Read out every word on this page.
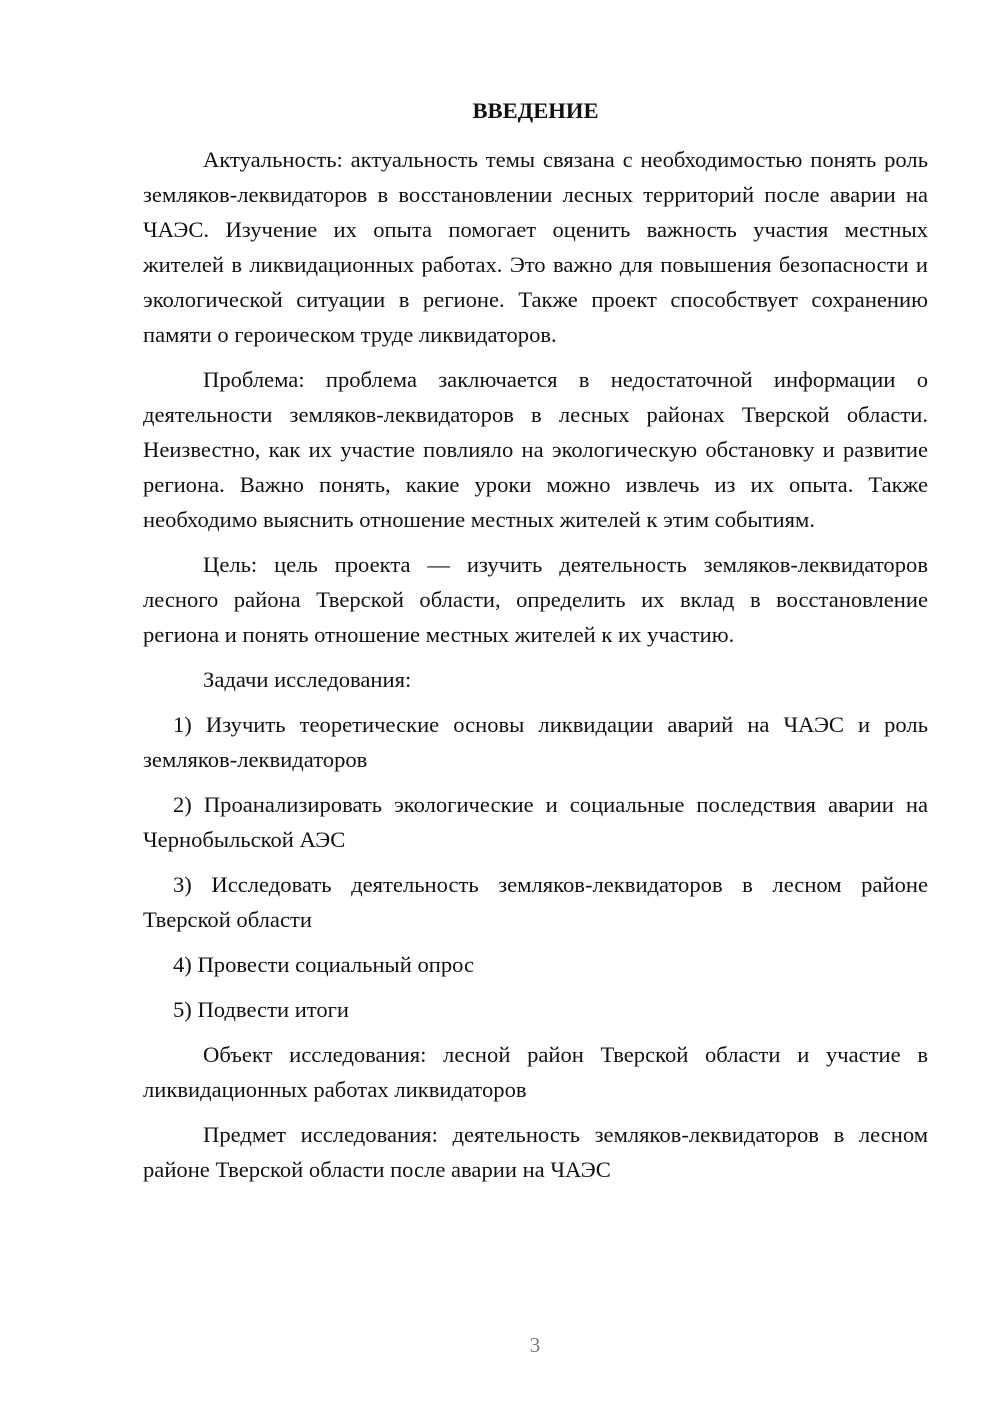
ВВЕДЕНИЕ

Актуальность: актуальность темы связана с необходимостью понять роль земляков-леквидаторов в восстановлении лесных территорий после аварии на ЧАЭС. Изучение их опыта помогает оценить важность участия местных жителей в ликвидационных работах. Это важно для повышения безопасности и экологической ситуации в регионе. Также проект способствует сохранению памяти о героическом труде ликвидаторов.

Проблема: проблема заключается в недостаточной информации о деятельности земляков-леквидаторов в лесных районах Тверской области. Неизвестно, как их участие повлияло на экологическую обстановку и развитие региона. Важно понять, какие уроки можно извлечь из их опыта. Также необходимо выяснить отношение местных жителей к этим событиям.

Цель: цель проекта — изучить деятельность земляков-леквидаторов лесного района Тверской области, определить их вклад в восстановление региона и понять отношение местных жителей к их участию.

Задачи исследования:

1) Изучить теоретические основы ликвидации аварий на ЧАЭС и роль земляков-леквидаторов

2) Проанализировать экологические и социальные последствия аварии на Чернобыльской АЭС

3) Исследовать деятельность земляков-леквидаторов в лесном районе Тверской области

4) Провести социальный опрос

5) Подвести итоги

Объект исследования: лесной район Тверской области и участие в ликвидационных работах ликвидаторов

Предмет исследования: деятельность земляков-леквидаторов в лесном районе Тверской области после аварии на ЧАЭС

3
